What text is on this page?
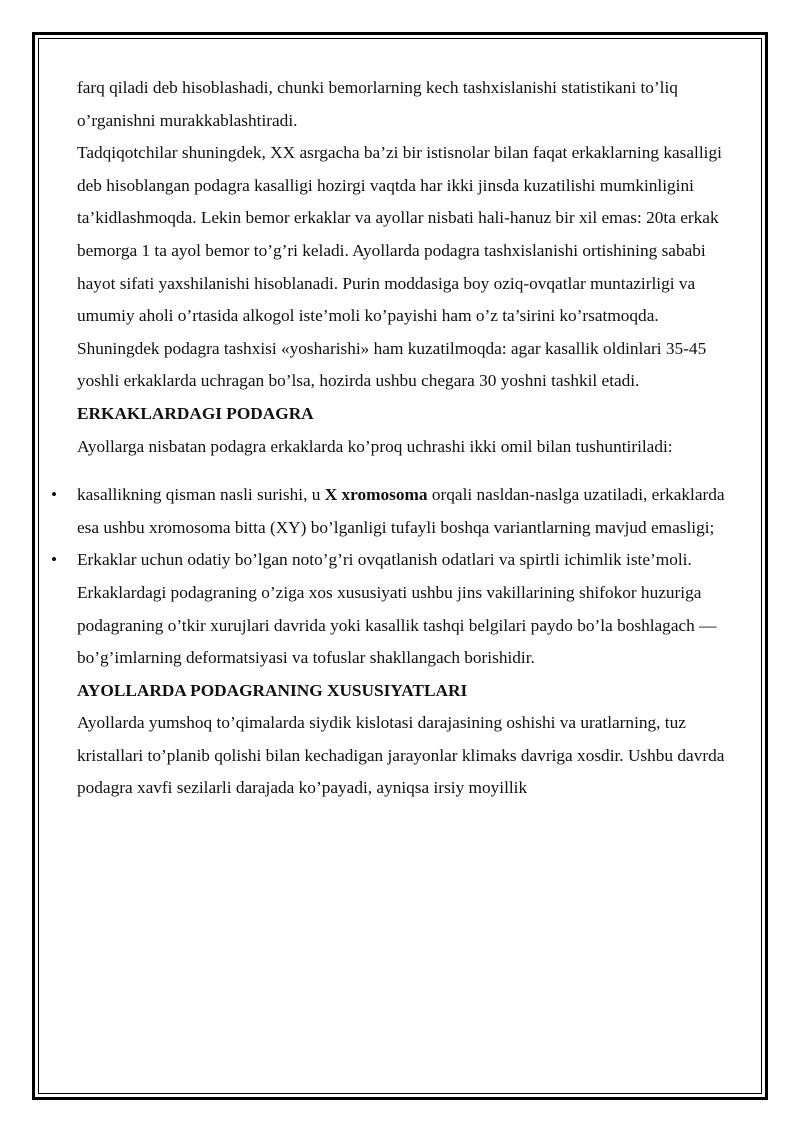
farq qiladi deb hisoblashadi, chunki bemorlarning kech tashxislanishi statistikani to’liq o’rganishni murakkablashtiradi.

Tadqiqotchilar shuningdek, XX asrgacha ba’zi bir istisnolar bilan faqat erkaklarning kasalligi deb hisoblangan podagra kasalligi hozirgi vaqtda har ikki jinsda kuzatilishi mumkinligini ta’kidlashmoqda. Lekin bemor erkaklar va ayollar nisbati hali-hanuz bir xil emas: 20ta erkak bemorga 1 ta ayol bemor to’g’ri keladi. Ayollarda podagra tashxislanishi ortishining sababi hayot sifati yaxshilanishi hisoblanadi. Purin moddasiga boy oziq-ovqatlar muntazirligi va umumiy aholi o’rtasida alkogol iste’moli ko’payishi ham o’z ta’sirini ko’rsatmoqda.

Shuningdek podagra tashxisi «yosharishi» ham kuzatilmoqda: agar kasallik oldinlari 35-45 yoshli erkaklarda uchragan bo’lsa, hozirda ushbu chegara 30 yoshni tashkil etadi.

ERKAKLARDAGI PODAGRA

Ayollarga nisbatan podagra erkaklarda ko’proq uchrashi ikki omil bilan tushuntiriladi:

• kasallikning qisman nasli surishi, u X xromosoma orqali nasldan-naslga uzatiladi, erkaklarda esa ushbu xromosoma bitta (XY) bo’lganligi tufayli boshqa variantlarning mavjud emasligi;
• Erkaklar uchun odatiy bo’lgan noto’g’ri ovqatlanish odatlari va spirtli ichimlik iste’moli.

Erkaklardagi podagraning o’ziga xos xususiyati ushbu jins vakillarining shifokor huzuriga podagraning o’tkir xurujlari davrida yoki kasallik tashqi belgilari paydo bo’la boshlagach — bo’g’imlarning deformatsiyasi va tofuslar shakllangach borishidir.

AYOLLARDA PODAGRANING XUSUSIYATLARI

Ayollarda yumshoq to’qimalarda siydik kislotasi darajasining oshishi va uratlarning, tuz kristallari to’planib qolishi bilan kechadigan jarayonlar klimaks davriga xosdir. Ushbu davrda podagra xavfi sezilarli darajada ko’payadi, ayniqsa irsiy moyillik
